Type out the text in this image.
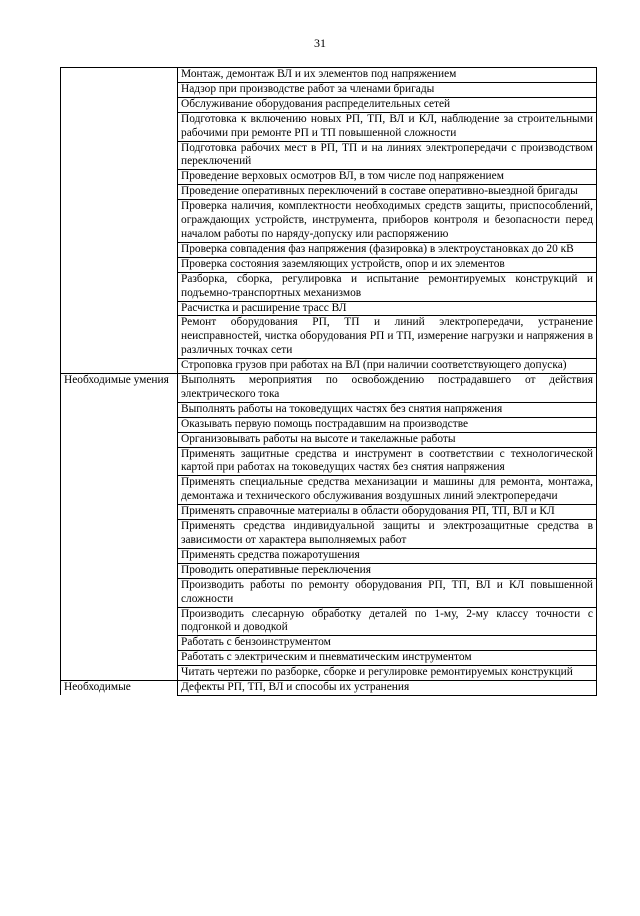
31
	Монтаж, демонтаж ВЛ и их элементов под напряжением
	Надзор при производстве работ за членами бригады
	Обслуживание оборудования распределительных сетей
	Подготовка к включению новых РП, ТП, ВЛ и КЛ, наблюдение за строительными рабочими при ремонте РП и ТП повышенной сложности
	Подготовка рабочих мест в РП, ТП и на линиях электропередачи с производством переключений
	Проведение верховых осмотров ВЛ, в том числе под напряжением
	Проведение оперативных переключений в составе оперативно-выездной бригады
	Проверка наличия, комплектности необходимых средств защиты, приспособлений, ограждающих устройств, инструмента, приборов контроля и безопасности перед началом работы по наряду-допуску или распоряжению
	Проверка совпадения фаз напряжения (фазировка) в электроустановках до 20 кВ
	Проверка состояния заземляющих устройств, опор и их элементов
	Разборка, сборка, регулировка и испытание ремонтируемых конструкций и подъемно-транспортных механизмов
	Расчистка и расширение трасс ВЛ
	Ремонт оборудования РП, ТП и линий электропередачи, устранение неисправностей, чистка оборудования РП и ТП, измерение нагрузки и напряжения в различных точках сети
	Строповка грузов при работах на ВЛ (при наличии соответствующего допуска)
Необходимые умения	Выполнять мероприятия по освобождению пострадавшего от действия электрического тока
	Выполнять работы на токоведущих частях без снятия напряжения
	Оказывать первую помощь пострадавшим на производстве
	Организовывать работы на высоте и такелажные работы
	Применять защитные средства и инструмент в соответствии с технологической картой при работах на токоведущих частях без снятия напряжения
	Применять специальные средства механизации и машины для ремонта, монтажа, демонтажа и технического обслуживания воздушных линий электропередачи
	Применять справочные материалы в области оборудования РП, ТП, ВЛ и КЛ
	Применять средства индивидуальной защиты и электрозащитные средства в зависимости от характера выполняемых работ
	Применять средства пожаротушения
	Проводить оперативные переключения
	Производить работы по ремонту оборудования РП, ТП, ВЛ и КЛ повышенной сложности
	Производить слесарную обработку деталей по 1-му, 2-му классу точности с подгонкой и доводкой
	Работать с бензоинструментом
	Работать с электрическим и пневматическим инструментом
	Читать чертежи по разборке, сборке и регулировке ремонтируемых конструкций
Необходимые	Дефекты РП, ТП, ВЛ и способы их устранения
